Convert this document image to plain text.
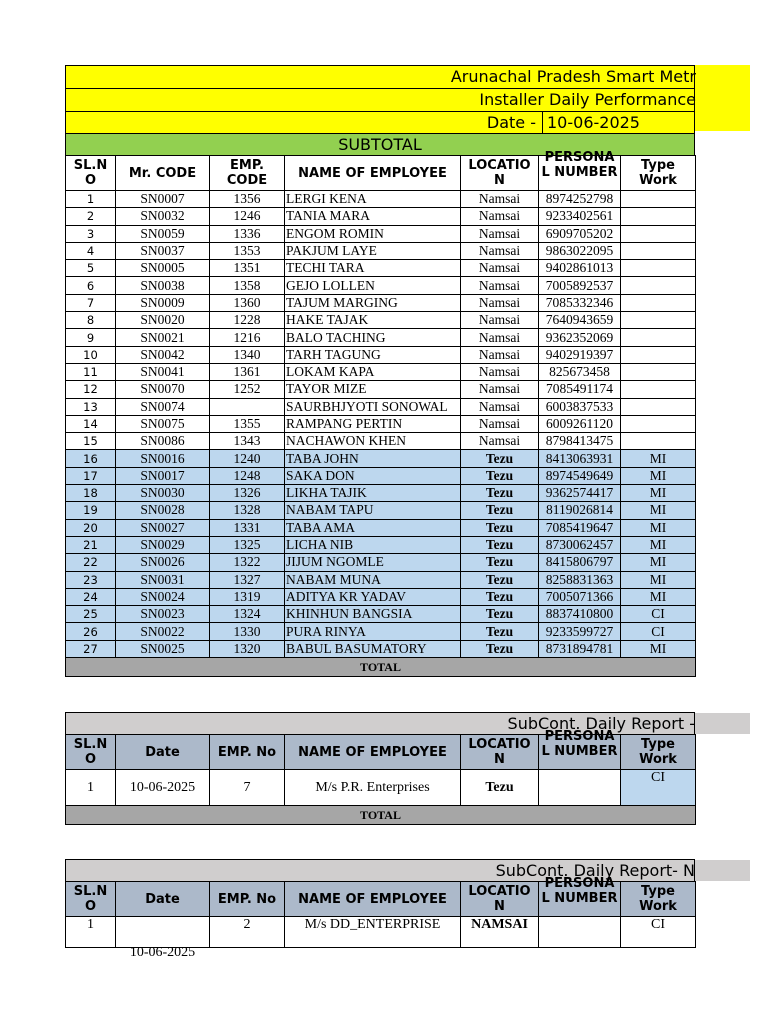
Arunachal Pradesh Smart Metr
Installer Daily Performance
Date - 10-06-2025
SUBTOTAL
SL.N O	Mr. CODE	EMP. CODE	NAME OF EMPLOYEE	LOCATIO N	PERSONA L NUMBER	Type Work
1	SN0007	1356	LERGI KENA	Namsai	8974252798	
2	SN0032	1246	TANIA MARA	Namsai	9233402561	
3	SN0059	1336	ENGOM ROMIN	Namsai	6909705202	
4	SN0037	1353	PAKJUM LAYE	Namsai	9863022095	
5	SN0005	1351	TECHI TARA	Namsai	9402861013	
6	SN0038	1358	GEJO LOLLEN	Namsai	7005892537	
7	SN0009	1360	TAJUM MARGING	Namsai	7085332346	
8	SN0020	1228	HAKE TAJAK	Namsai	7640943659	
9	SN0021	1216	BALO TACHING	Namsai	9362352069	
10	SN0042	1340	TARH TAGUNG	Namsai	9402919397	
11	SN0041	1361	LOKAM KAPA	Namsai	825673458	
12	SN0070	1252	TAYOR MIZE	Namsai	7085491174	
13	SN0074		SAURBHJYOTI SONOWAL	Namsai	6003837533	
14	SN0075	1355	RAMPANG PERTIN	Namsai	6009261120	
15	SN0086	1343	NACHAWON KHEN	Namsai	8798413475	
16	SN0016	1240	TABA JOHN	Tezu	8413063931	MI
17	SN0017	1248	SAKA DON	Tezu	8974549649	MI
18	SN0030	1326	LIKHA TAJIK	Tezu	9362574417	MI
19	SN0028	1328	NABAM TAPU	Tezu	8119026814	MI
20	SN0027	1331	TABA AMA	Tezu	7085419647	MI
21	SN0029	1325	LICHA NIB	Tezu	8730062457	MI
22	SN0026	1322	JIJUM NGOMLE	Tezu	8415806797	MI
23	SN0031	1327	NABAM MUNA	Tezu	8258831363	MI
24	SN0024	1319	ADITYA KR YADAV	Tezu	7005071366	MI
25	SN0023	1324	KHINHUN BANGSIA	Tezu	8837410800	CI
26	SN0022	1330	PURA RINYA	Tezu	9233599727	CI
27	SN0025	1320	BABUL BASUMATORY	Tezu	8731894781	MI
TOTAL						
SubCont. Daily Report -
SL.N O	Date	EMP. No	NAME OF EMPLOYEE	LOCATIO N	PERSONA L NUMBER	Type Work
1	10-06-2025	7	M/s P.R. Enterprises	Tezu		CI
TOTAL						
SubCont. Daily Report- N
SL.N O	Date	EMP. No	NAME OF EMPLOYEE	LOCATIO N	PERSONA L NUMBER	Type Work
1	10-06-2025	2	M/s DD_ENTERPRISE	NAMSAI		CI
